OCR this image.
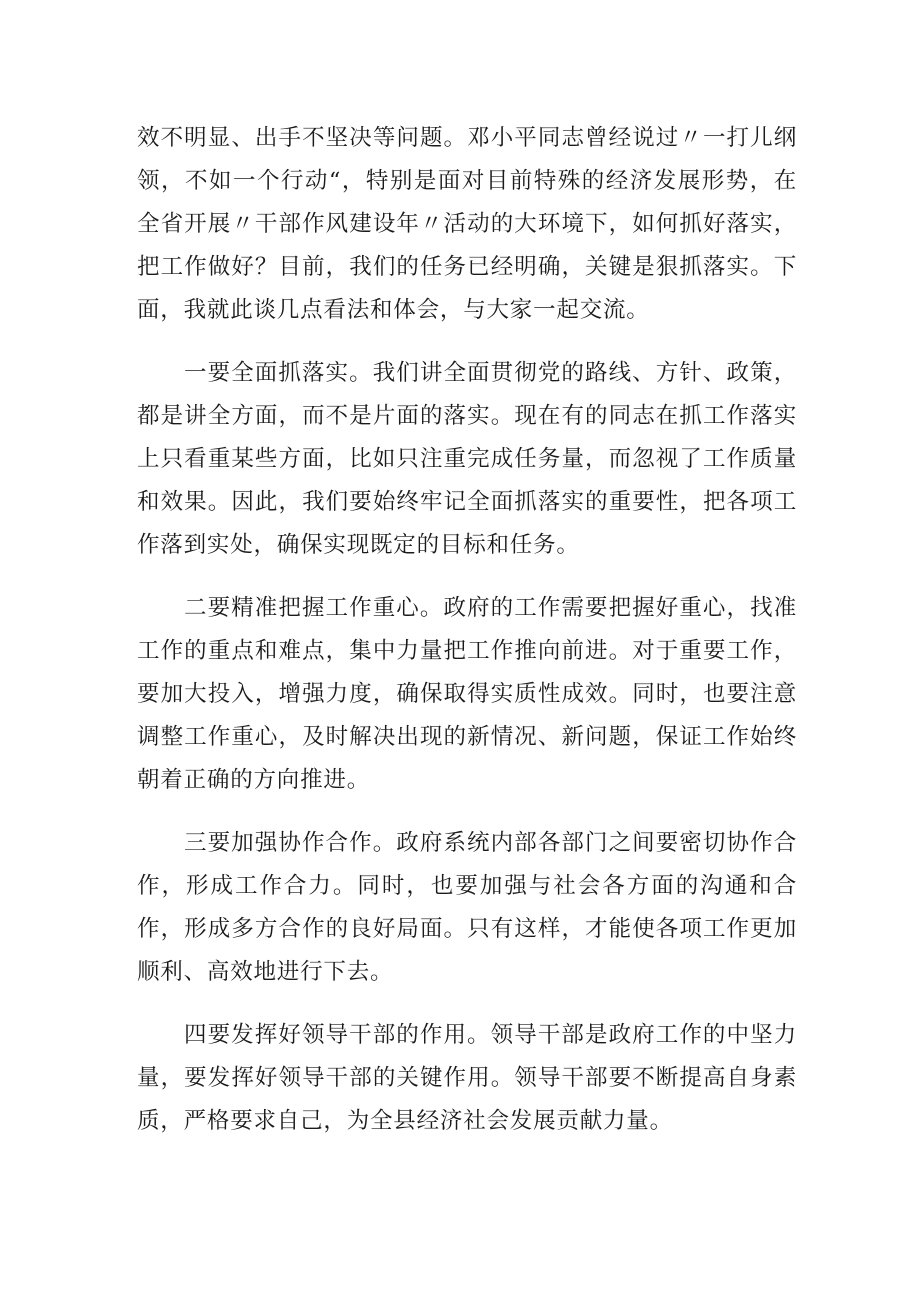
效不明显、出手不坚决等问题。邓小平同志曾经说过〃一打儿纲领，不如一个行动“，特别是面对目前特殊的经济发展形势，在全省开展〃干部作风建设年〃活动的大环境下，如何抓好落实，把工作做好？目前，我们的任务已经明确，关键是狠抓落实。下面，我就此谈几点看法和体会，与大家一起交流。

一要全面抓落实。我们讲全面贯彻党的路线、方针、政策，都是讲全方面，而不是片面的落实。现在有的同志在抓工作落实上只看重某些方面，比如只注重完成任务量，而忽视了工作质量和效果。因此，我们要始终牢记全面抓落实的重要性，把各项工作落到实处，确保实现既定的目标和任务。

二要精准把握工作重心。政府的工作需要把握好重心，找准工作的重点和难点，集中力量把工作推向前进。对于重要工作，要加大投入，增强力度，确保取得实质性成效。同时，也要注意调整工作重心，及时解决出现的新情况、新问题，保证工作始终朝着正确的方向推进。

三要加强协作合作。政府系统内部各部门之间要密切协作合作，形成工作合力。同时，也要加强与社会各方面的沟通和合作，形成多方合作的良好局面。只有这样，才能使各项工作更加顺利、高效地进行下去。

四要发挥好领导干部的作用。领导干部是政府工作的中坚力量，要发挥好领导干部的关键作用。领导干部要不断提高自身素质，严格要求自己，为全县经济社会发展贡献力量。
